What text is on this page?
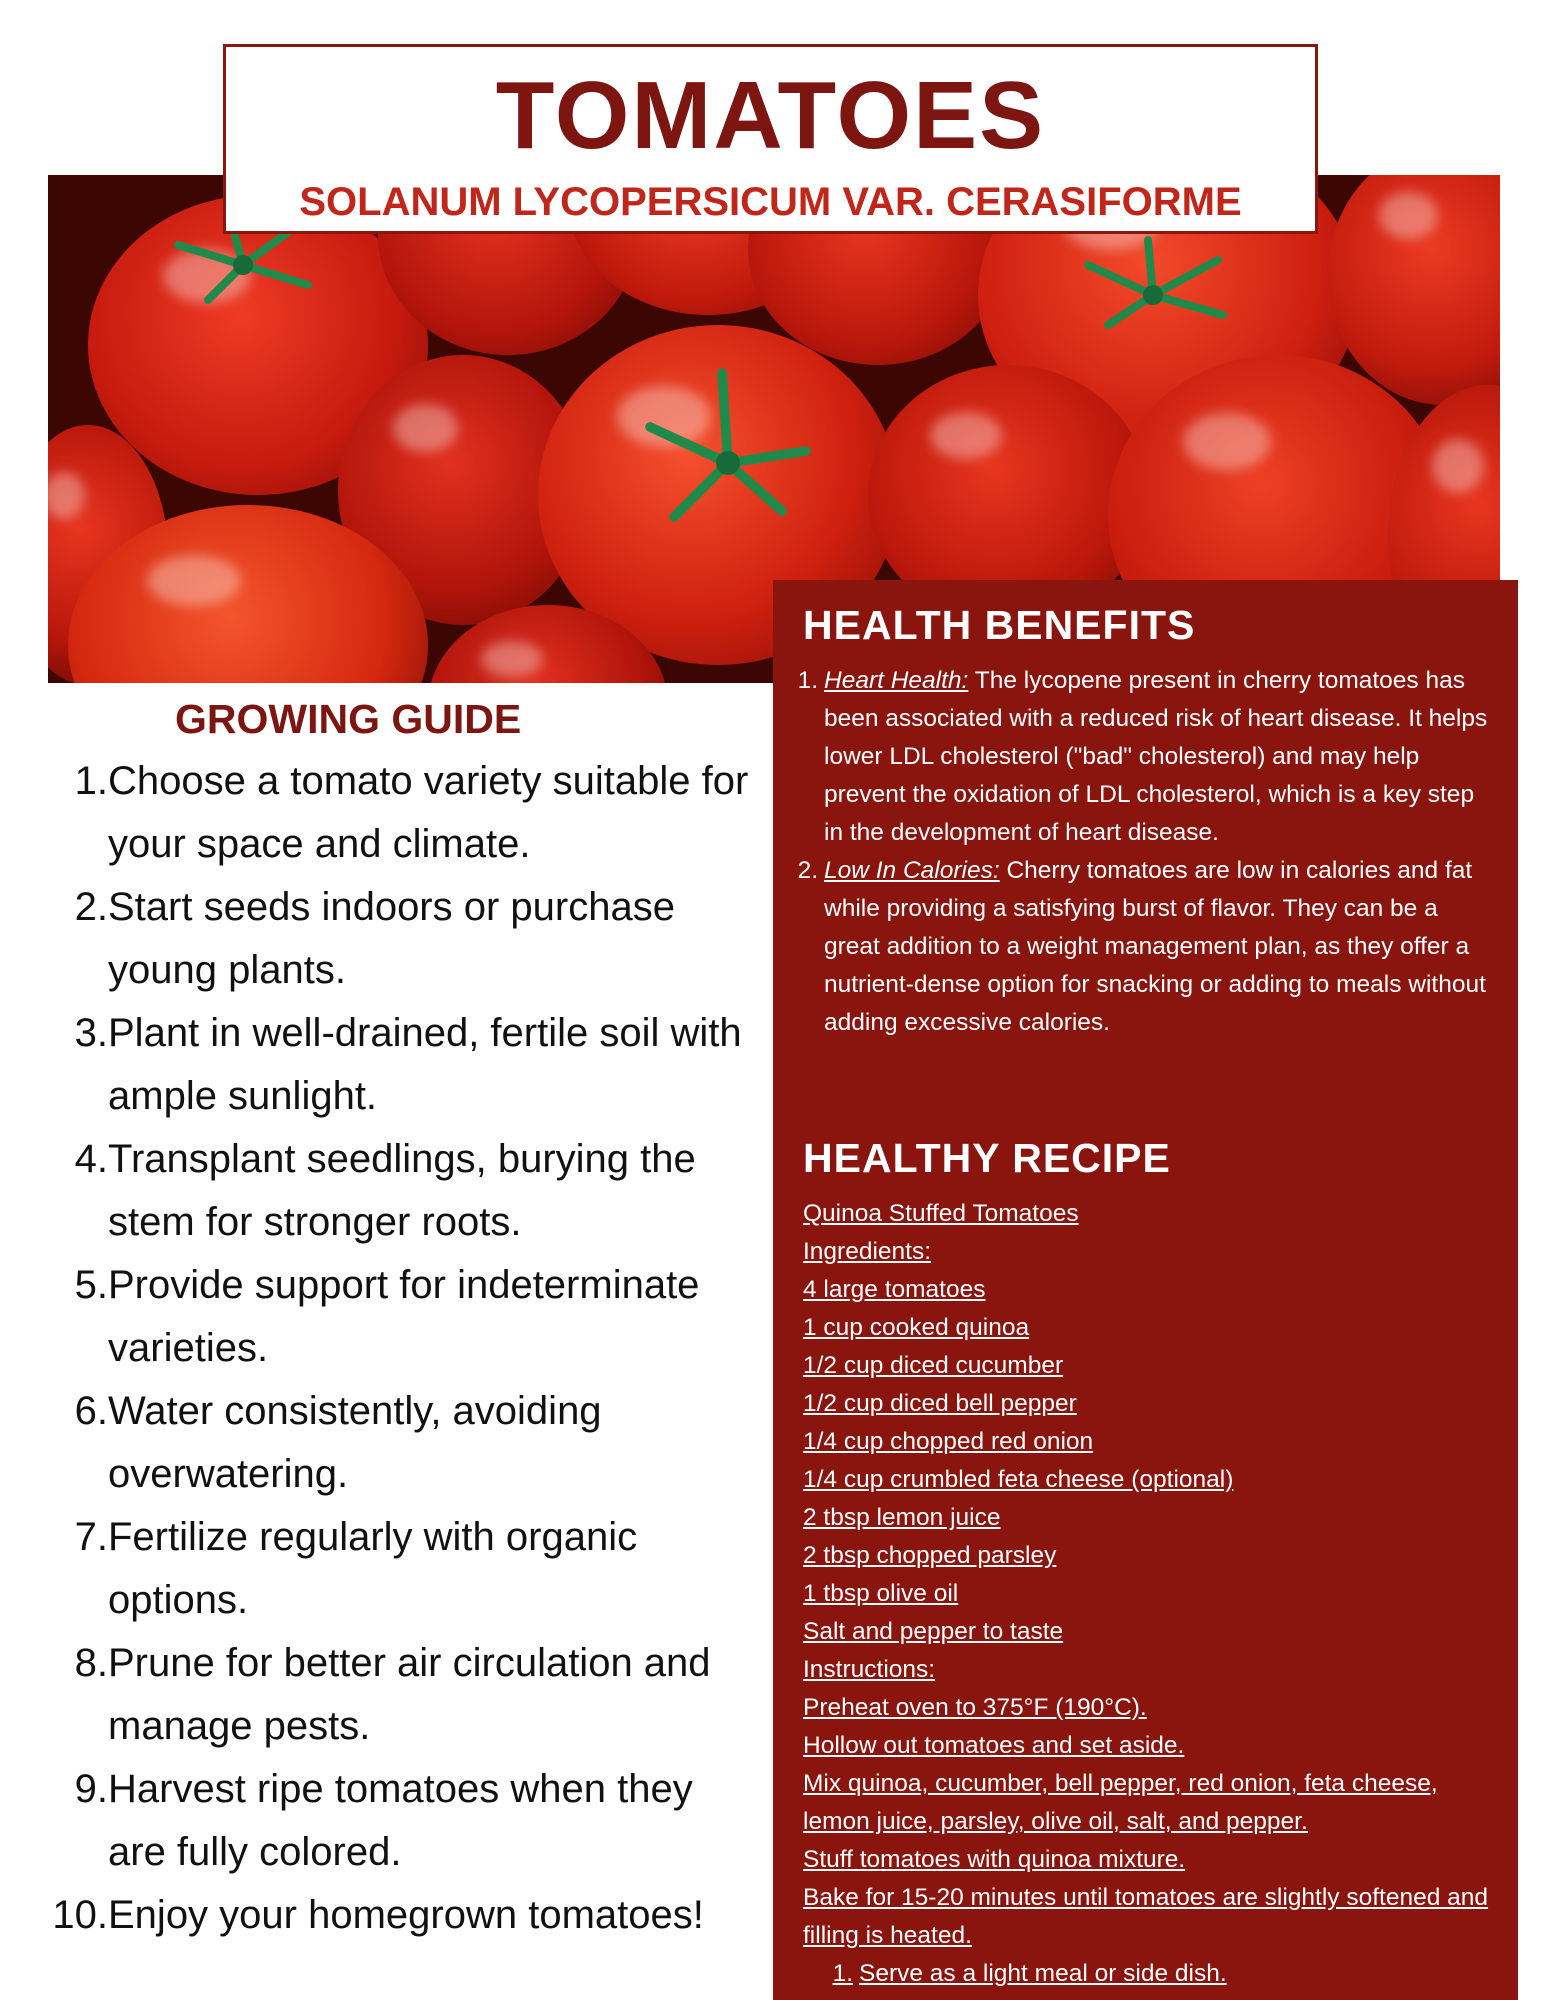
TOMATOES
SOLANUM LYCOPERSICUM VAR. CERASIFORME
GROWING GUIDE
1. Choose a tomato variety suitable for your space and climate.
2. Start seeds indoors or purchase young plants.
3. Plant in well-drained, fertile soil with ample sunlight.
4. Transplant seedlings, burying the stem for stronger roots.
5. Provide support for indeterminate varieties.
6. Water consistently, avoiding overwatering.
7. Fertilize regularly with organic options.
8. Prune for better air circulation and manage pests.
9. Harvest ripe tomatoes when they are fully colored.
10. Enjoy your homegrown tomatoes!
HEALTH BENEFITS
1. Heart Health: The lycopene present in cherry tomatoes has been associated with a reduced risk of heart disease. It helps lower LDL cholesterol ("bad" cholesterol) and may help prevent the oxidation of LDL cholesterol, which is a key step in the development of heart disease.
2. Low In Calories: Cherry tomatoes are low in calories and fat while providing a satisfying burst of flavor. They can be a great addition to a weight management plan, as they offer a nutrient-dense option for snacking or adding to meals without adding excessive calories.
HEALTHY RECIPE
Quinoa Stuffed Tomatoes
Ingredients:
4 large tomatoes
1 cup cooked quinoa
1/2 cup diced cucumber
1/2 cup diced bell pepper
1/4 cup chopped red onion
1/4 cup crumbled feta cheese (optional)
2 tbsp lemon juice
2 tbsp chopped parsley
1 tbsp olive oil
Salt and pepper to taste
Instructions:
Preheat oven to 375°F (190°C).
Hollow out tomatoes and set aside.
Mix quinoa, cucumber, bell pepper, red onion, feta cheese, lemon juice, parsley, olive oil, salt, and pepper.
Stuff tomatoes with quinoa mixture.
Bake for 15-20 minutes until tomatoes are slightly softened and filling is heated.
1. Serve as a light meal or side dish.
